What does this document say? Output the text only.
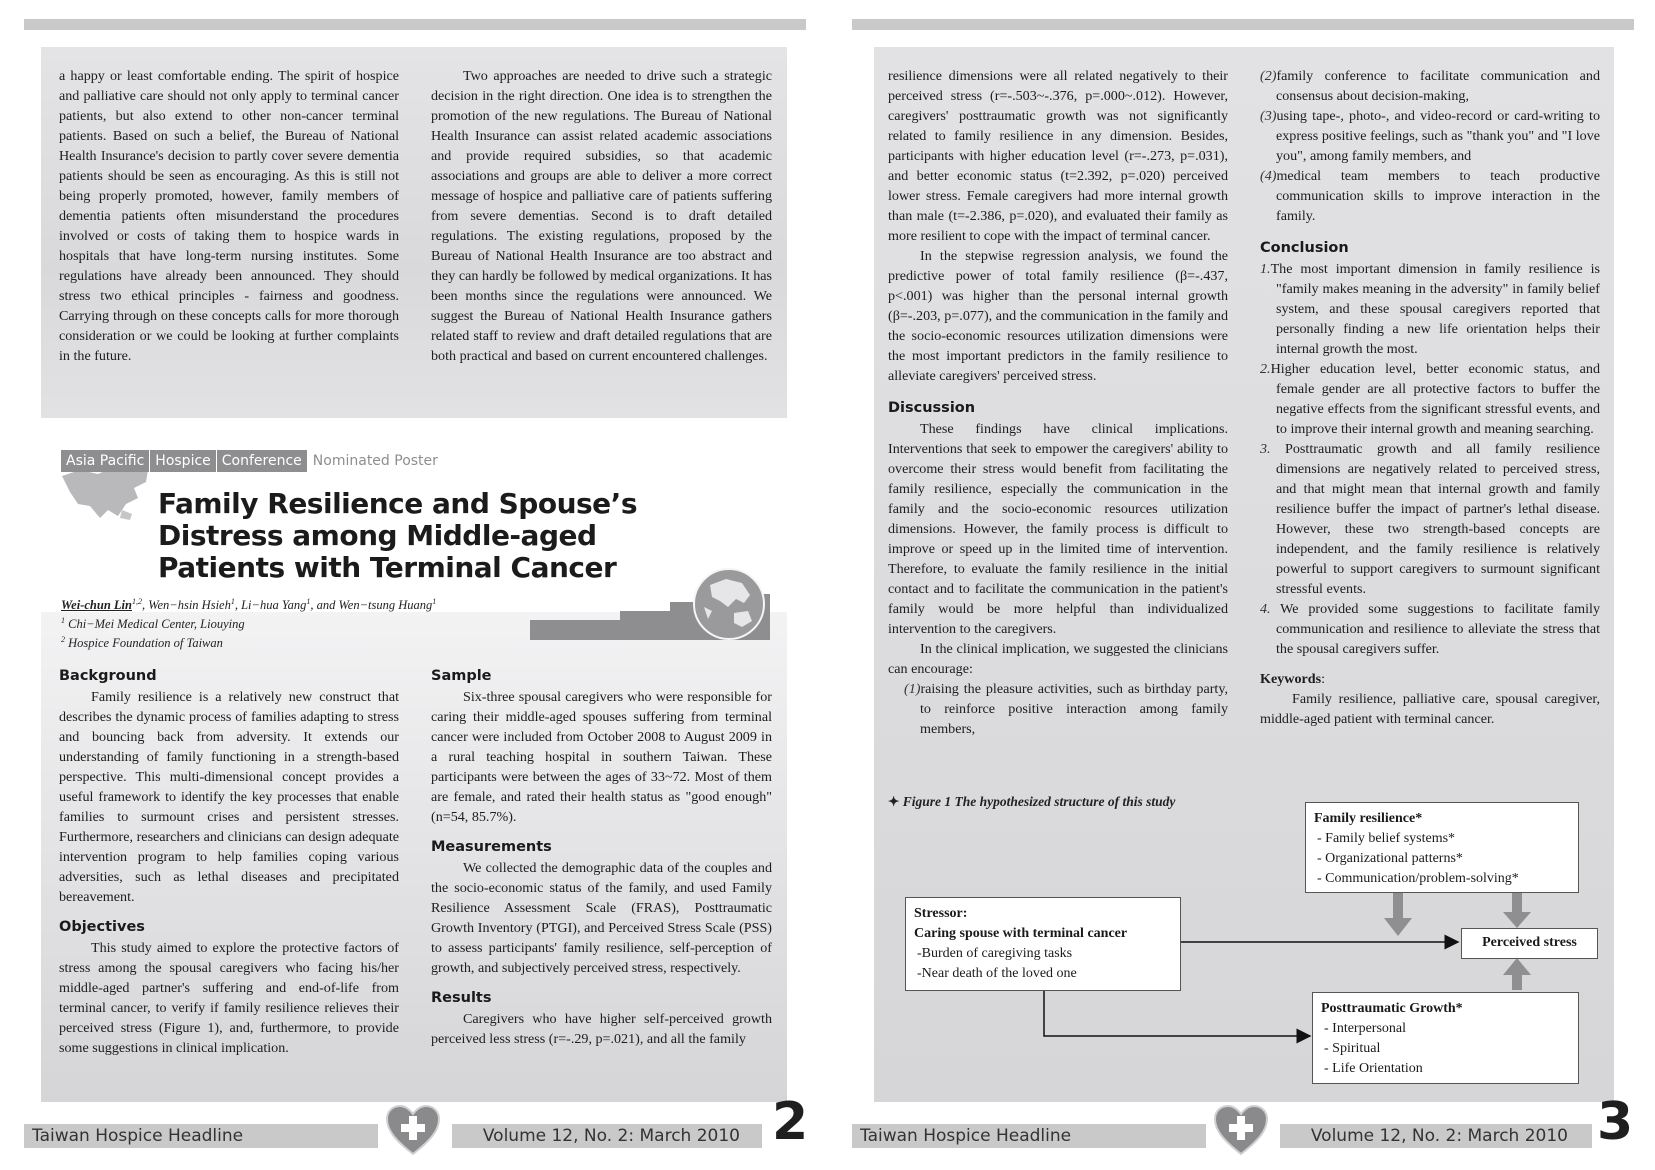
a happy or least comfortable ending. The spirit of hospice and palliative care should not only apply to terminal cancer patients, but also extend to other non-cancer terminal patients. Based on such a belief, the Bureau of National Health Insurance's decision to partly cover severe dementia patients should be seen as encouraging. As this is still not being properly promoted, however, family members of dementia patients often misunderstand the procedures involved or costs of taking them to hospice wards in hospitals that have long-term nursing institutes. Some regulations have already been announced. They should stress two ethical principles - fairness and goodness. Carrying through on these concepts calls for more thorough consideration or we could be looking at further complaints in the future.

Two approaches are needed to drive such a strategic decision in the right direction. One idea is to strengthen the promotion of the new regulations. The Bureau of National Health Insurance can assist related academic associations and provide required subsidies, so that academic associations and groups are able to deliver a more correct message of hospice and palliative care of patients suffering from severe dementias. Second is to draft detailed regulations. The existing regulations, proposed by the Bureau of National Health Insurance are too abstract and they can hardly be followed by medical organizations. It has been months since the regulations were announced. We suggest the Bureau of National Health Insurance gathers related staff to review and draft detailed regulations that are both practical and based on current encountered challenges.

Asia Pacific Hospice Conference Nominated Poster
Family Resilience and Spouse’s Distress among Middle-aged Patients with Terminal Cancer
Wei-chun Lin$^{1,2}$, Wen−hsin Hsieh$^1$, Li−hua Yang$^1$, and Wen−tsung Huang$^1$
$^1$ Chi−Mei Medical Center, Liouying
$^2$ Hospice Foundation of Taiwan
Background

Family resilience is a relatively new construct that describes the dynamic process of families adapting to stress and bouncing back from adversity. It extends our understanding of family functioning in a strength-based perspective. This multi-dimensional concept provides a useful framework to identify the key processes that enable families to surmount crises and persistent stresses. Furthermore, researchers and clinicians can design adequate intervention program to help families coping various adversities, such as lethal diseases and precipitated bereavement.

Objectives

This study aimed to explore the protective factors of stress among the spousal caregivers who facing his/her middle-aged partner's suffering and end-of-life from terminal cancer, to verify if family resilience relieves their perceived stress (Figure 1), and, furthermore, to provide some suggestions in clinical implication.

Sample

Six-three spousal caregivers who were responsible for caring their middle-aged spouses suffering from terminal cancer were included from October 2008 to August 2009 in a rural teaching hospital in southern Taiwan. These participants were between the ages of 33~72. Most of them are female, and rated their health status as "good enough" (n=54, 85.7%).

Measurements

We collected the demographic data of the couples and the socio-economic status of the family, and used Family Resilience Assessment Scale (FRAS), Posttraumatic Growth Inventory (PTGI), and Perceived Stress Scale (PSS) to assess participants' family resilience, self-perception of growth, and subjectively perceived stress, respectively.

Results

Caregivers who have higher self-perceived growth perceived less stress (r=-.29, p=.021), and all the family

Taiwan Hospice Headline	Volume 12, No. 2: March 2010 2

resilience dimensions were all related negatively to their perceived stress (r=-.503~-.376, p=.000~.012). However, caregivers' posttraumatic growth was not significantly related to family resilience in any dimension. Besides, participants with higher education level (r=-.273, p=.031), and better economic status (t=2.392, p=.020) perceived lower stress. Female caregivers had more internal growth than male (t=-2.386, p=.020), and evaluated their family as more resilient to cope with the impact of terminal cancer.

In the stepwise regression analysis, we found the predictive power of total family resilience (β=-.437, p<.001) was higher than the personal internal growth (β=-.203, p=.077), and the communication in the family and the socio-economic resources utilization dimensions were the most important predictors in the family resilience to alleviate caregivers' perceived stress.

Discussion

These findings have clinical implications. Interventions that seek to empower the caregivers' ability to overcome their stress would benefit from facilitating the family resilience, especially the communication in the family and the socio-economic resources utilization dimensions. However, the family process is difficult to improve or speed up in the limited time of intervention. Therefore, to evaluate the family resilience in the initial contact and to facilitate the communication in the patient's family would be more helpful than individualized intervention to the caregivers.

In the clinical implication, we suggested the clinicians can encourage:

(1)raising the pleasure activities, such as birthday party, to reinforce positive interaction among family members,

(2)family conference to facilitate communication and consensus about decision-making,

(3)using tape-, photo-, and video-record or card-writing to express positive feelings, such as "thank you" and "I love you", among family members, and

(4)medical team members to teach productive communication skills to improve interaction in the family.

Conclusion

1.The most important dimension in family resilience is "family makes meaning in the adversity" in family belief system, and these spousal caregivers reported that personally finding a new life orientation helps their internal growth the most.

2.Higher education level, better economic status, and female gender are all protective factors to buffer the negative effects from the significant stressful events, and to improve their internal growth and meaning searching.

3. Posttraumatic growth and all family resilience dimensions are negatively related to perceived stress, and that might mean that internal growth and family resilience buffer the impact of partner's lethal disease. However, these two strength-based concepts are independent, and the family resilience is relatively powerful to support caregivers to surmount significant stressful events.

4. We provided some suggestions to facilitate family communication and resilience to alleviate the stress that the spousal caregivers suffer.

Keywords:

Family resilience, palliative care, spousal caregiver, middle-aged patient with terminal cancer.

✦ Figure 1 The hypothesized structure of this study
Family resilience*
- Family belief systems*
- Organizational patterns*
- Communication/problem-solving*
Stressor:
Caring spouse with terminal cancer
-Burden of caregiving tasks
-Near death of the loved one
Perceived stress
Posttraumatic Growth*
- Interpersonal
- Spiritual
- Life Orientation
Taiwan Hospice Headline	Volume 12, No. 2: March 2010 3
